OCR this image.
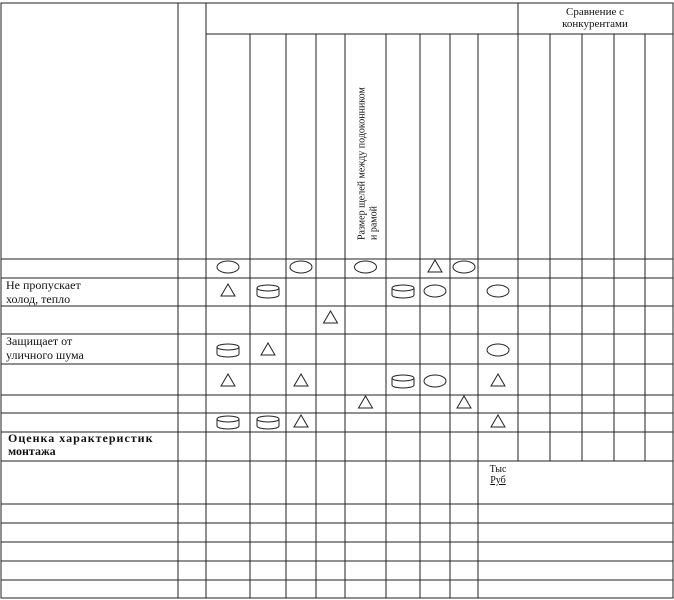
Сравнение с конкурентами
Размер щелей между подоконникоми рамой
Не пропускает холод, тепло
Защищает от уличного шума
Оценка характеристик монтажа
Тыс Руб
